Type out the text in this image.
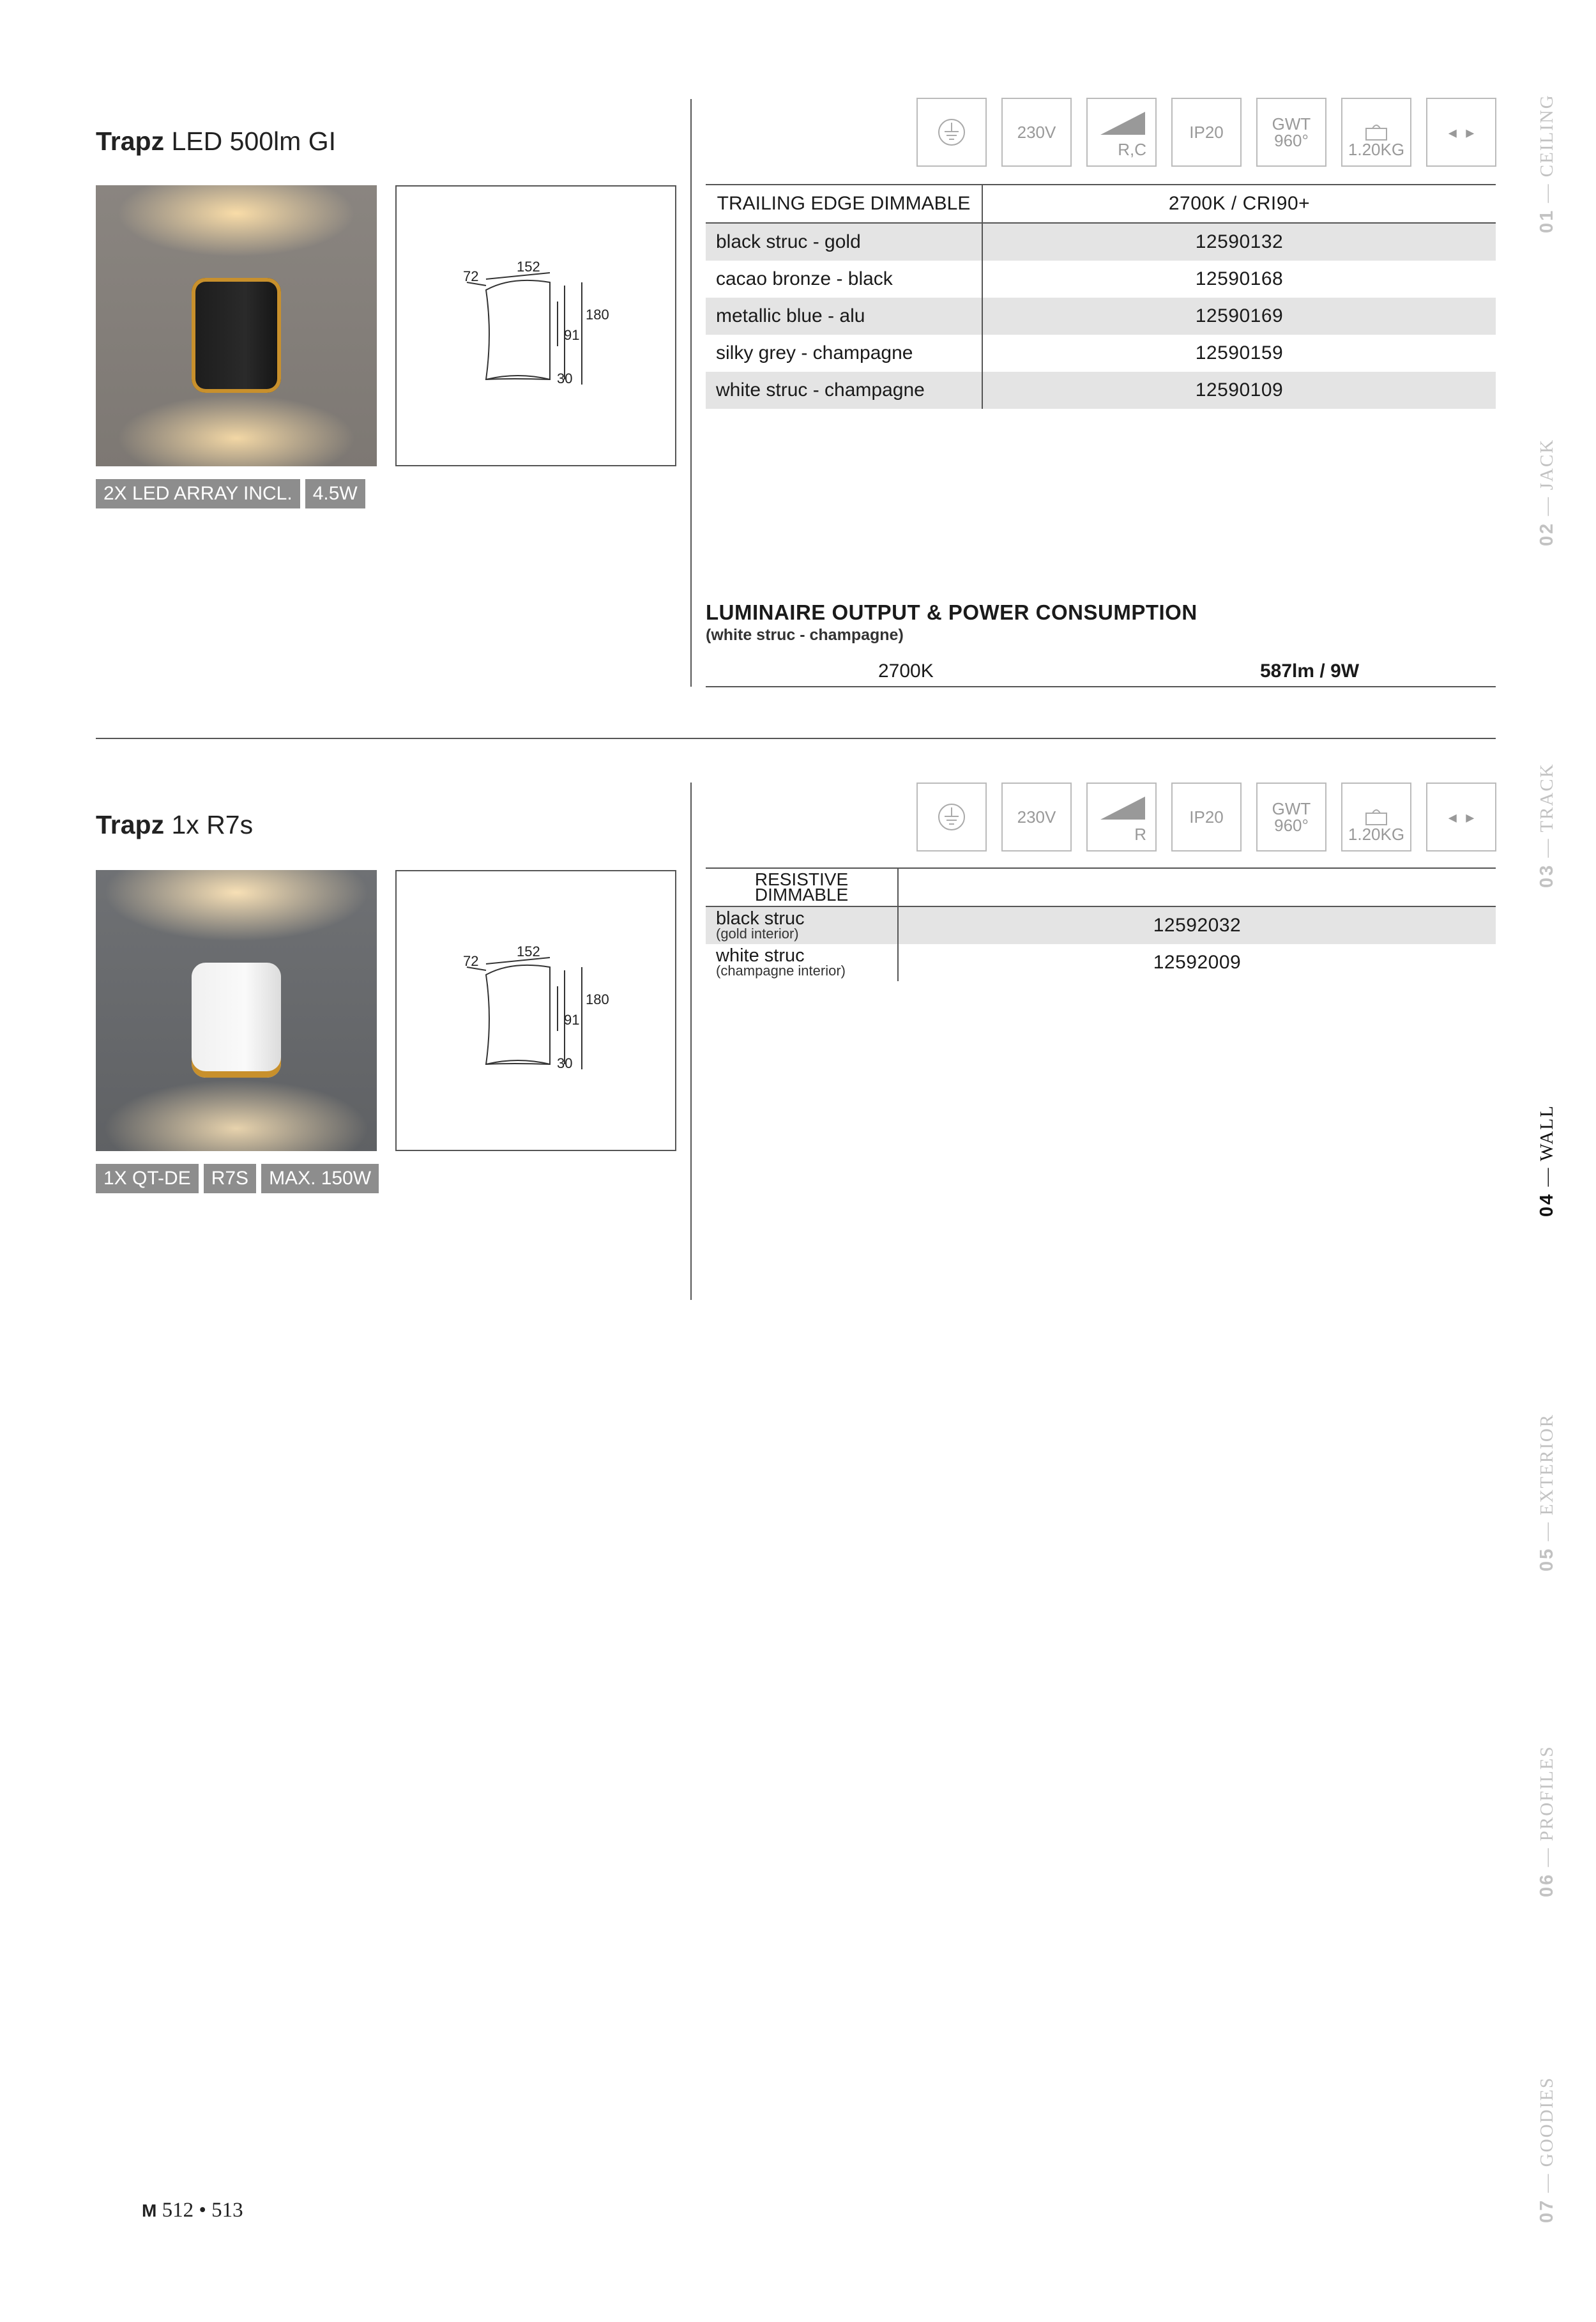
Trapz LED 500lm GI
152
72
180
91
30
2X LED ARRAY INCL.	4.5W
230V
R,C
IP20	GWT
960° 1.20KG
◂  ▸
TRAILING EDGE DIMMABLE	2700K / CRI90+
black struc - gold	12590132
cacao bronze - black	12590168
metallic blue - alu	12590169
silky grey - champagne	12590159
white struc - champagne	12590109
LUMINAIRE OUTPUT & POWER CONSUMPTION
(white struc - champagne)
2700K	587lm / 9W
Trapz 1x R7s
152
72
180
91
30
1X QT-DE	R7S	MAX. 150W
230V
R
IP20	GWT
960° 1.20KG
◂  ▸
RESISTIVE
DIMMABLE	

black struc
(gold interior)	12592032

white struc
(champagne interior)	12592009
01 — CEILING
02 — JACK
03 — TRACK
04 — WALL
05 — EXTERIOR
06 — PROFILES
07 — GOODIES
M 512 • 513
